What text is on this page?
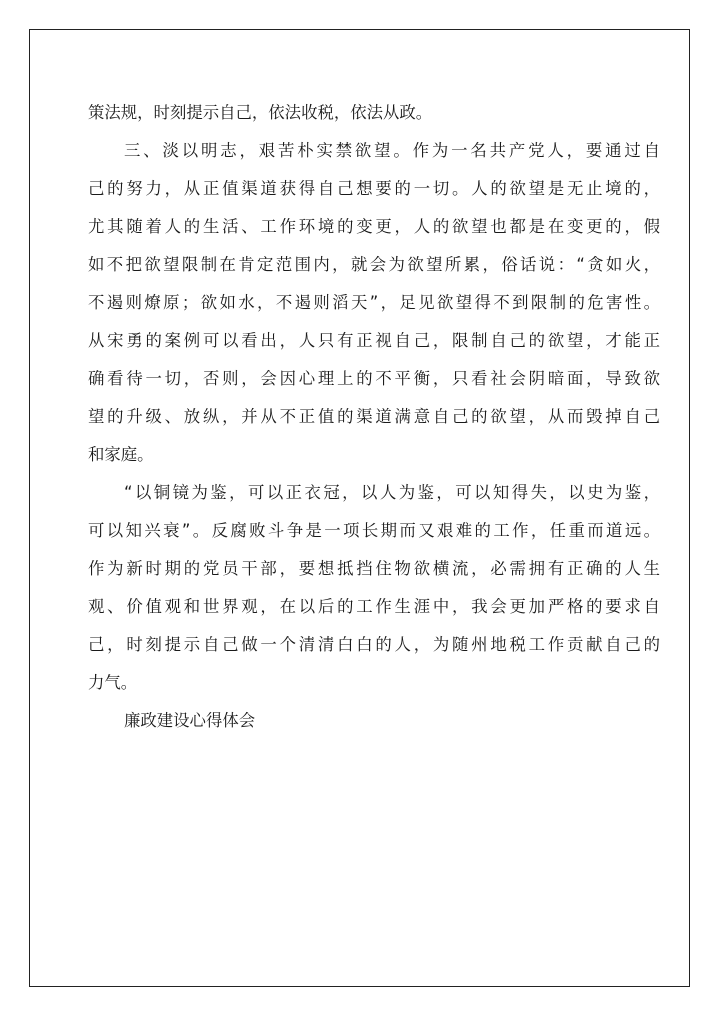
策法规，时刻提示自己，依法收税，依法从政。
三、淡以明志，艰苦朴实禁欲望。作为一名共产党人，要通过自
己的努力，从正值渠道获得自己想要的一切。人的欲望是无止境的，
尤其随着人的生活、工作环境的变更，人的欲望也都是在变更的，假
如不把欲望限制在肯定范围内，就会为欲望所累，俗话说：“贪如火，
不遏则燎原；欲如水，不遏则滔天”，足见欲望得不到限制的危害性。
从宋勇的案例可以看出，人只有正视自己，限制自己的欲望，才能正
确看待一切，否则，会因心理上的不平衡，只看社会阴暗面，导致欲
望的升级、放纵，并从不正值的渠道满意自己的欲望，从而毁掉自己
和家庭。
“以铜镜为鉴，可以正衣冠，以人为鉴，可以知得失，以史为鉴，
可以知兴衰”。反腐败斗争是一项长期而又艰难的工作，任重而道远。
作为新时期的党员干部，要想抵挡住物欲横流，必需拥有正确的人生
观、价值观和世界观，在以后的工作生涯中，我会更加严格的要求自
己，时刻提示自己做一个清清白白的人，为随州地税工作贡献自己的
力气。
廉政建设心得体会
